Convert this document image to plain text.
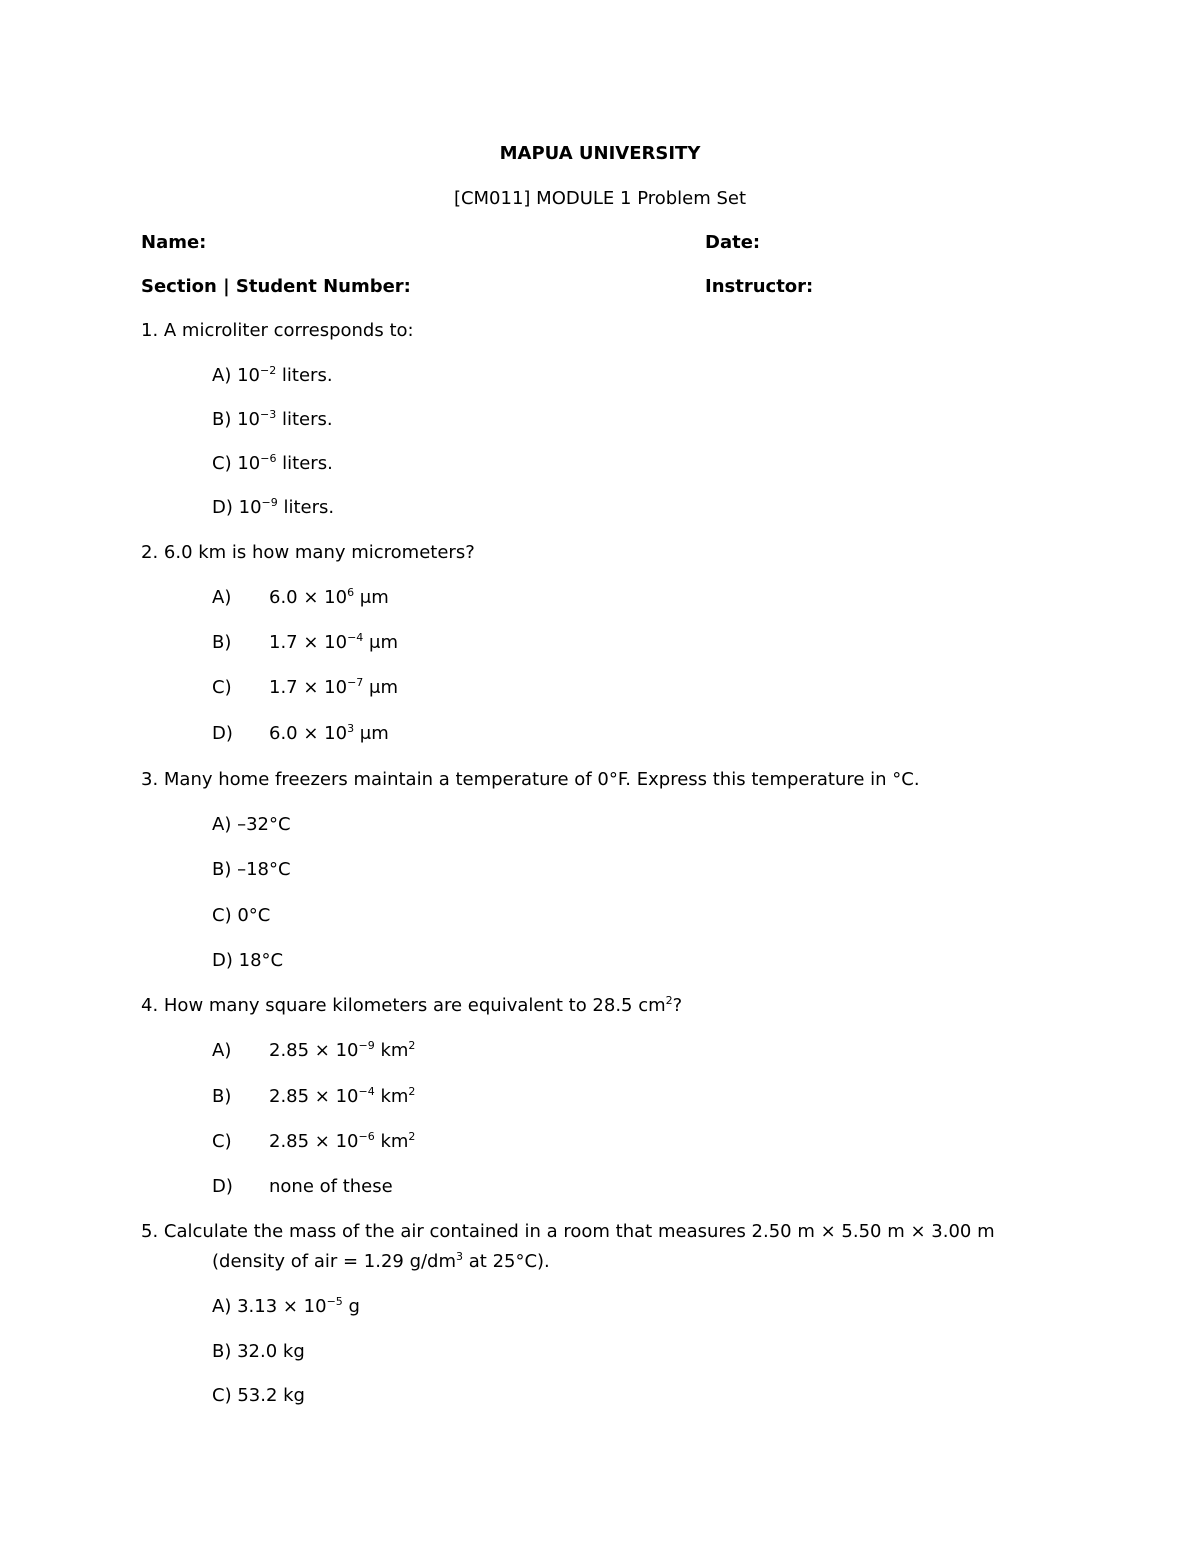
MAPUA UNIVERSITY
[CM011] MODULE 1 Problem Set
Name:	Date:
Section | Student Number:	Instructor:
1. A microliter corresponds to:
A) $10^{-2}$ liters.
B) $10^{-3}$ liters.
C) $10^{-6}$ liters.
D) $10^{-9}$ liters.
2. 6.0 km is how many micrometers?
A) $6.0 \times 10^6$ μm
B) $1.7 \times 10^{-4}$ μm
C) $1.7 \times 10^{-7}$ μm
D) $6.0 \times 10^3$ μm
3. Many home freezers maintain a temperature of 0°F. Express this temperature in °C.
A) –32°C
B) –18°C
C) 0°C
D) 18°C
4. How many square kilometers are equivalent to 28.5 $cm^2$?
A) $2.85 \times 10^{-9}$ $km^2$
B) $2.85 \times 10^{-4}$ $km^2$
C) $2.85 \times 10^{-6}$ $km^2$
D) none of these
5. Calculate the mass of the air contained in a room that measures 2.50 m × 5.50 m × 3.00 m
(density of air = 1.29 $g/dm^3$ at 25°C).
A) $3.13 \times 10^{-5}$ g
B) 32.0 kg
C) 53.2 kg
